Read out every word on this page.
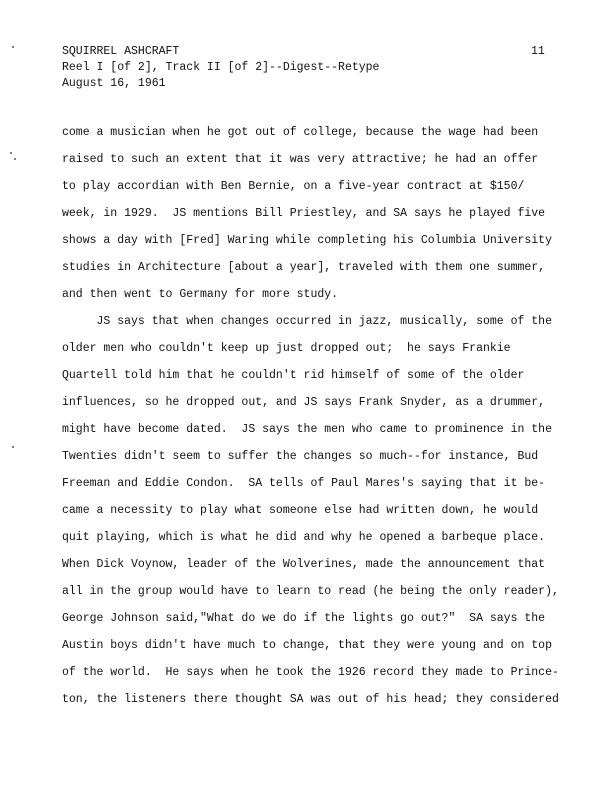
SQUIRREL ASHCRAFT
Reel I [of 2], Track II [of 2]--Digest--Retype
August 16, 1961
11
come a musician when he got out of college, because the wage had been
raised to such an extent that it was very attractive; he had an offer
to play accordian with Ben Bernie, on a five-year contract at $150/
week, in 1929.  JS mentions Bill Priestley, and SA says he played five
shows a day with [Fred] Waring while completing his Columbia University
studies in Architecture [about a year], traveled with them one summer,
and then went to Germany for more study.
JS says that when changes occurred in jazz, musically, some of the
older men who couldn't keep up just dropped out;  he says Frankie
Quartell told him that he couldn't rid himself of some of the older
influences, so he dropped out, and JS says Frank Snyder, as a drummer,
might have become dated.  JS says the men who came to prominence in the
Twenties didn't seem to suffer the changes so much--for instance, Bud
Freeman and Eddie Condon.  SA tells of Paul Mares's saying that it be-
came a necessity to play what someone else had written down, he would
quit playing, which is what he did and why he opened a barbeque place.
When Dick Voynow, leader of the Wolverines, made the announcement that
all in the group would have to learn to read (he being the only reader),
George Johnson said,"What do we do if the lights go out?"  SA says the
Austin boys didn't have much to change, that they were young and on top
of the world.  He says when he took the 1926 record they made to Prince-
ton, the listeners there thought SA was out of his head; they considered
